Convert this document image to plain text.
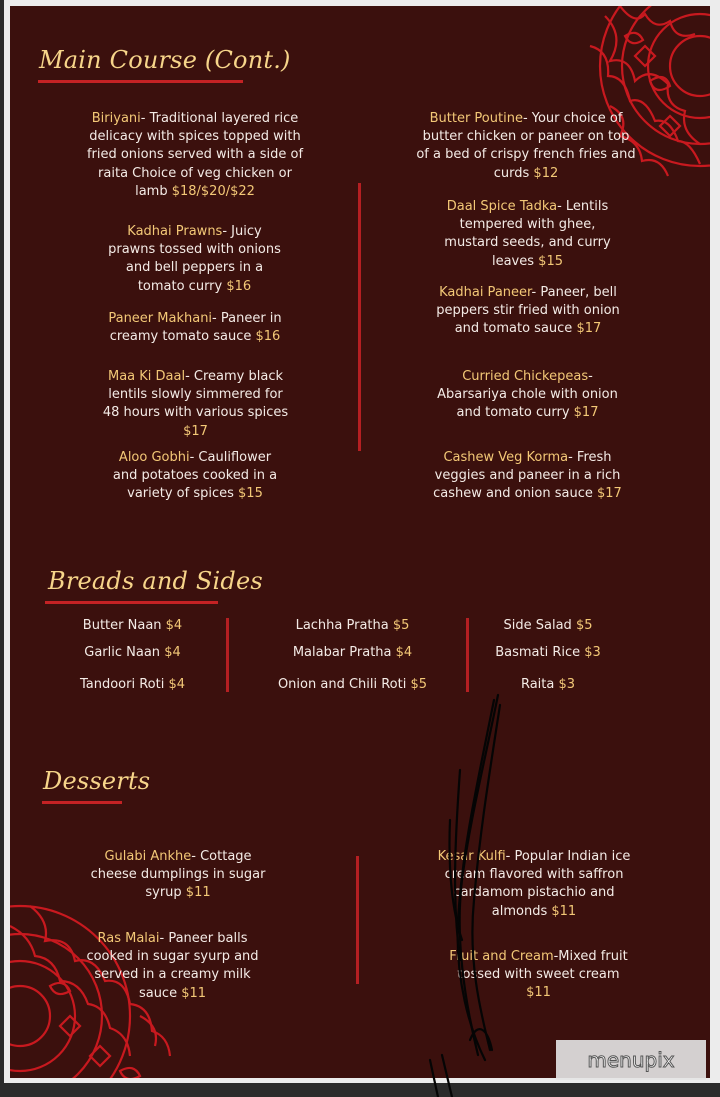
Main Course (Cont.)
Biriyani- Traditional layered rice delicacy with spices topped with fried onions served with a side of raita Choice of veg chicken or lamb $18/$20/$22
Kadhai Prawns- Juicy prawns tossed with onions and bell peppers in a tomato curry $16
Paneer Makhani- Paneer in creamy tomato sauce $16
Maa Ki Daal- Creamy black lentils slowly simmered for 48 hours with various spices $17
Aloo Gobhi- Cauliflower and potatoes cooked in a variety of spices $15
Butter Poutine- Your choice of butter chicken or paneer on top of a bed of crispy french fries and curds $12
Daal Spice Tadka- Lentils tempered with ghee, mustard seeds, and curry leaves $15
Kadhai Paneer- Paneer, bell peppers stir fried with onion and tomato sauce $17
Curried Chickepeas- Abarsariya chole with onion and tomato curry $17
Cashew Veg Korma- Fresh veggies and paneer in a rich cashew and onion sauce $17
Breads and Sides
Butter Naan $4
Garlic Naan $4
Tandoori Roti $4
Lachha Pratha $5
Malabar Pratha $4
Onion and Chili Roti $5
Side Salad $5
Basmati Rice $3
Raita $3
Desserts
Gulabi Ankhe- Cottage cheese dumplings in sugar syrup $11
Ras Malai- Paneer balls cooked in sugar syurp and served in a creamy milk sauce $11
Kesar Kulfi- Popular Indian ice cream flavored with saffron cardamom pistachio and almonds $11
Fruit and Cream-Mixed fruit tossed with sweet cream $11
menupix
